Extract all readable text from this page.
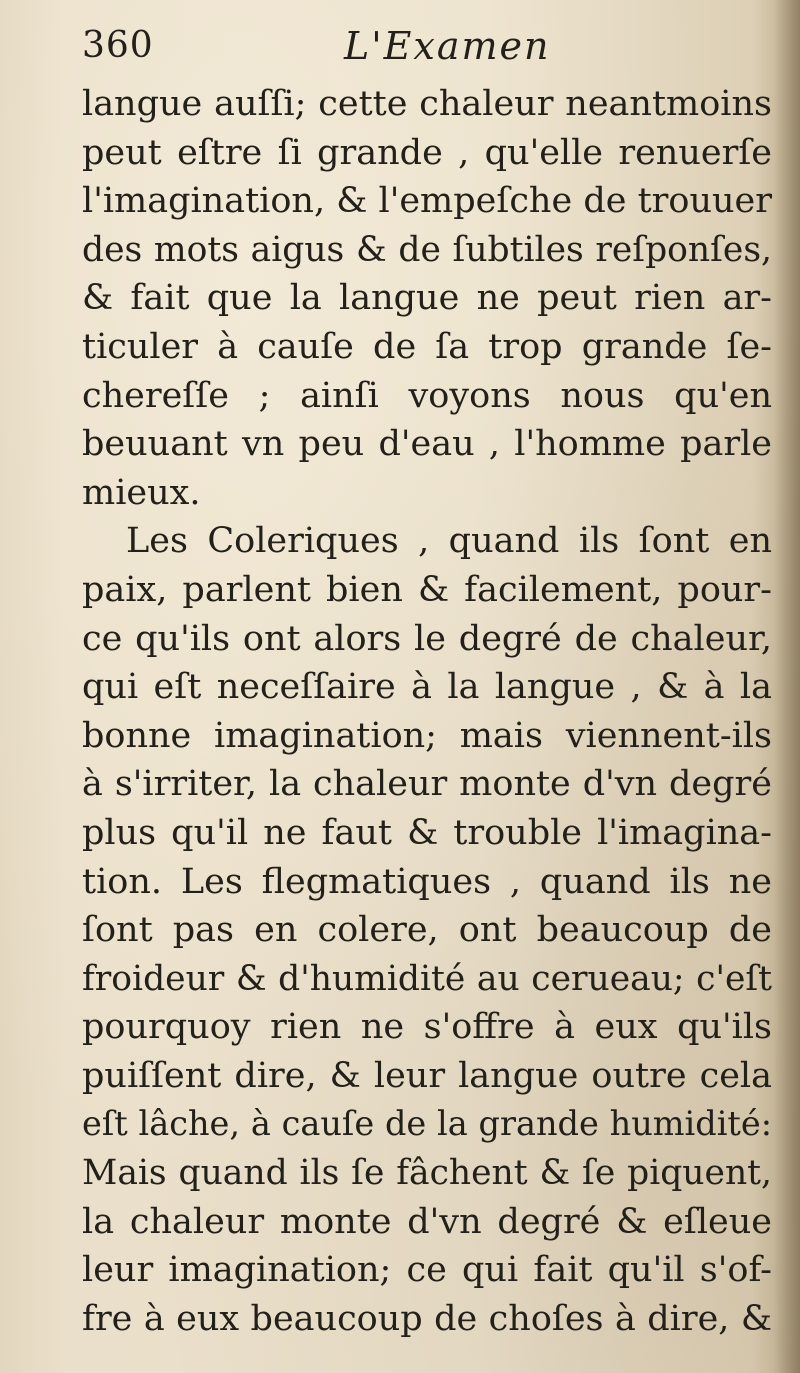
360	L'Examen
langue auſſi; cette chaleur neantmoins
peut eſtre ſi grande , qu'elle renuerſe
l'imagination, & l'empeſche de trouuer
des mots aigus & de ſubtiles reſponſes,
& fait que la langue ne peut rien ar-
ticuler à cauſe de ſa trop grande ſe-
chereſſe ; ainſi voyons nous qu'en
beuuant vn peu d'eau , l'homme parle
mieux.
Les Coleriques , quand ils ſont en
paix, parlent bien & facilement, pour-
ce qu'ils ont alors le degré de chaleur,
qui eſt neceſſaire à la langue , & à la
bonne imagination; mais viennent-ils
à s'irriter, la chaleur monte d'vn degré
plus qu'il ne faut & trouble l'imagina-
tion. Les flegmatiques , quand ils ne
ſont pas en colere, ont beaucoup de
froideur & d'humidité au cerueau; c'eſt
pourquoy rien ne s'offre à eux qu'ils
puiſſent dire, & leur langue outre cela
eſt lâche, à cauſe de la grande humidité:
Mais quand ils ſe fâchent & ſe piquent,
la chaleur monte d'vn degré & eſleue
leur imagination; ce qui fait qu'il s'of-
fre à eux beaucoup de choſes à dire, &
